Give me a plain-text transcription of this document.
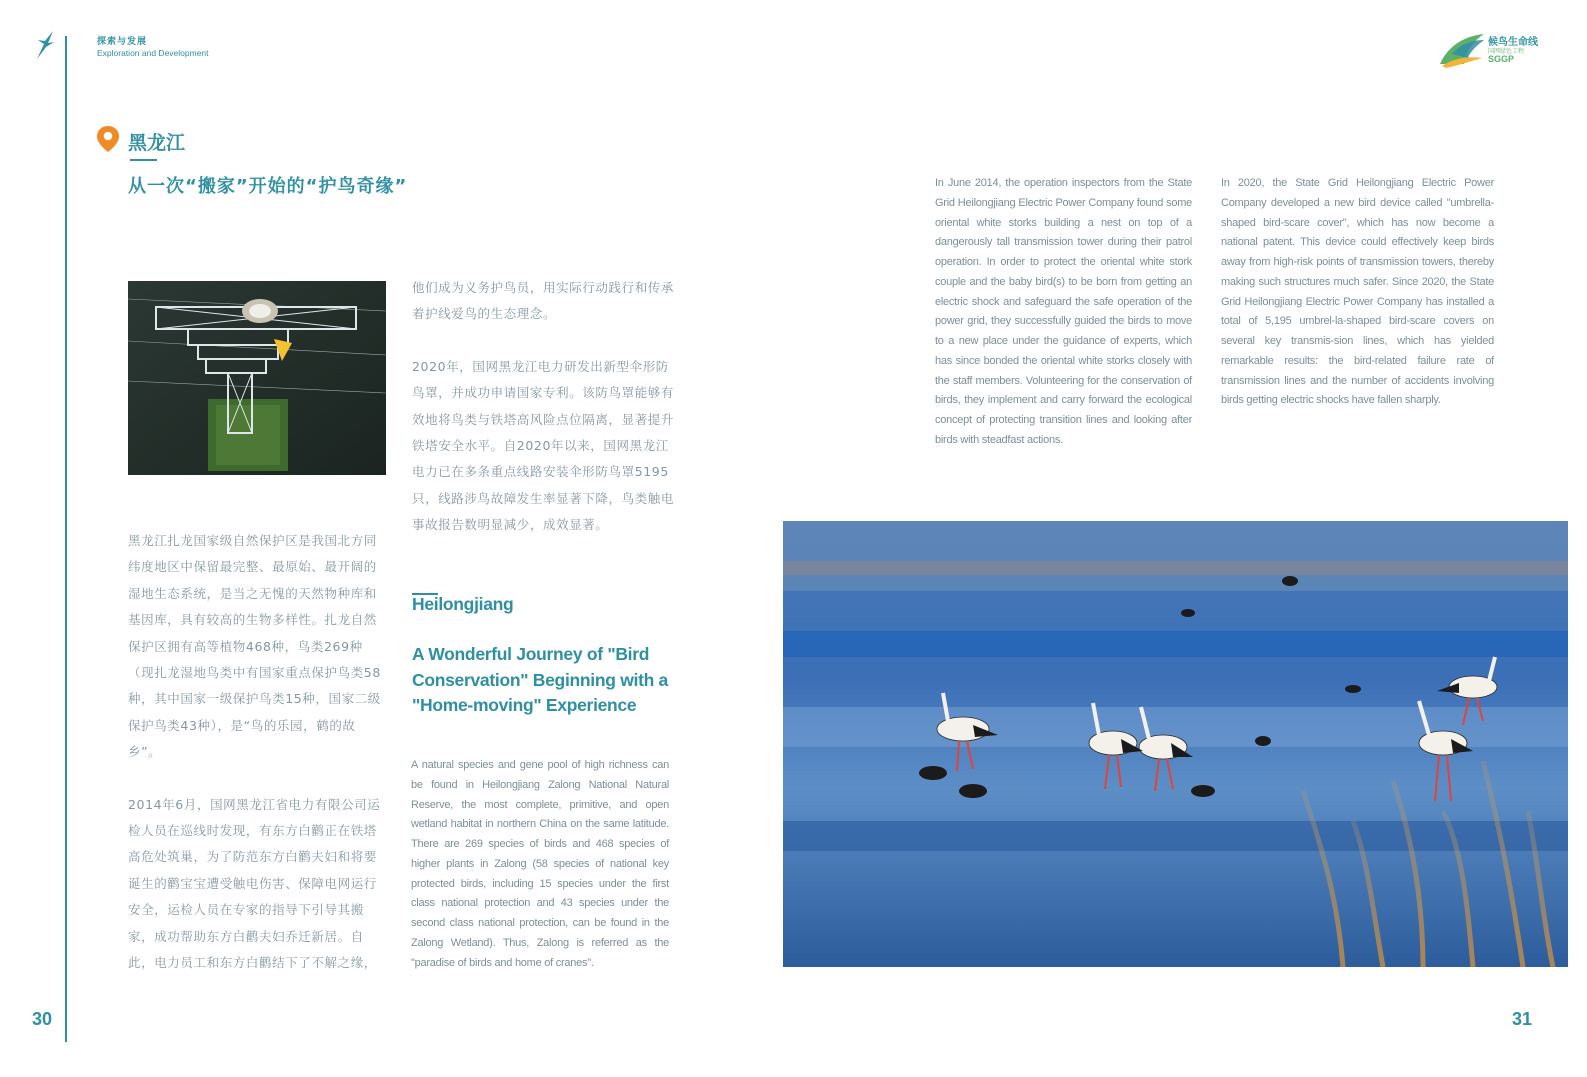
探索与发展
Exploration and Development
候鸟生命线
国网绿色工程
SGGP
黑龙江
从一次“搬家”开始的“护鸟奇缘”

黑龙江扎龙国家级自然保护区是我国北方同纬度地区中保留最完整、最原始、最开阔的湿地生态系统，是当之无愧的天然物种库和基因库，具有较高的生物多样性。扎龙自然保护区拥有高等植物468种，鸟类269种（现扎龙湿地鸟类中有国家重点保护鸟类58种，其中国家一级保护鸟类15种，国家二级保护鸟类43种），是“鸟的乐园，鹤的故乡”。

2014年6月，国网黑龙江省电力有限公司运检人员在巡线时发现，有东方白鹳正在铁塔高危处筑巢，为了防范东方白鹳夫妇和将要诞生的鹳宝宝遭受触电伤害、保障电网运行安全，运检人员在专家的指导下引导其搬家，成功帮助东方白鹳夫妇乔迁新居。自此，电力员工和东方白鹳结下了不解之缘，

他们成为义务护鸟员，用实际行动践行和传承着护线爱鸟的生态理念。

2020年，国网黑龙江电力研发出新型伞形防鸟罩，并成功申请国家专利。该防鸟罩能够有效地将鸟类与铁塔高风险点位隔离，显著提升铁塔安全水平。自2020年以来，国网黑龙江电力已在多条重点线路安装伞形防鸟罩5195只，线路涉鸟故障发生率显著下降，鸟类触电事故报告数明显减少，成效显著。

Heilongjiang
A Wonderful Journey of "Bird Conservation" Beginning with a "Home-moving" Experience

A natural species and gene pool of high richness can be found in Heilongjiang Zalong National Natural Reserve, the most complete, primitive, and open wetland habitat in northern China on the same latitude. There are 269 species of birds and 468 species of higher plants in Zalong (58 species of national key protected birds, including 15 species under the first class national protection and 43 species under the second class national protection, can be found in the Zalong Wetland). Thus, Zalong is referred as the "paradise of birds and home of cranes".

In June 2014, the operation inspectors from the State Grid Heilongjiang Electric Power Company found some oriental white storks building a nest on top of a dangerously tall transmission tower during their patrol operation. In order to protect the oriental white stork couple and the baby bird(s) to be born from getting an electric shock and safeguard the safe operation of the power grid, they successfully guided the birds to move to a new place under the guidance of experts, which has since bonded the oriental white storks closely with the staff members. Volunteering for the conservation of birds, they implement and carry forward the ecological concept of protecting transition lines and looking after birds with steadfast actions.

In 2020, the State Grid Heilongjiang Electric Power Company developed a new bird device called "umbrella-shaped bird-scare cover", which has now become a national patent. This device could effectively keep birds away from high-risk points of transmission towers, thereby making such structures much safer. Since 2020, the State Grid Heilongjiang Electric Power Company has installed a total of 5,195 umbrel-la-shaped bird-scare covers on several key transmis-sion lines, which has yielded remarkable results: the bird-related failure rate of transmission lines and the number of accidents involving birds getting electric shocks have fallen sharply.

30	31
